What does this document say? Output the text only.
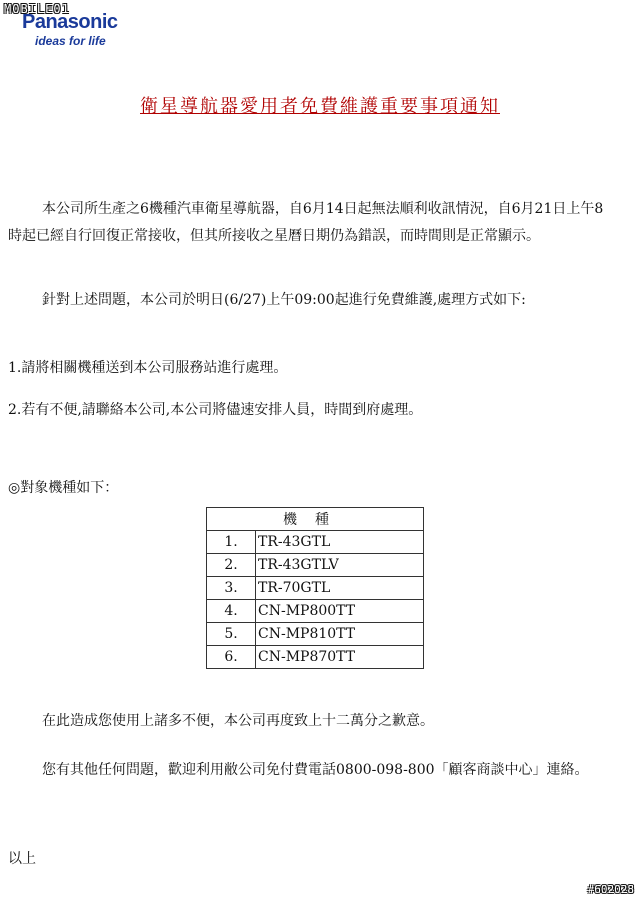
MOBILE01
Panasonic
ideas for life
衛星導航器愛用者免費維護重要事項通知

本公司所生產之6機種汽車衛星導航器，自6月14日起無法順利收訊情況，自6月21日上午8時起已經自行回復正常接收，但其所接收之星曆日期仍為錯誤，而時間則是正常顯示。

針對上述問題，本公司於明日(6/27)上午09:00起進行免費維護,處理方式如下:

1.請將相關機種送到本公司服務站進行處理。

2.若有不便,請聯絡本公司,本公司將儘速安排人員，時間到府處理。

◎對象機種如下：

機種	
1.	TR-43GTL
2.	TR-43GTLV
3.	TR-70GTL
4.	CN-MP800TT
5.	CN-MP810TT
6.	CN-MP870TT

在此造成您使用上諸多不便，本公司再度致上十二萬分之歉意。

您有其他任何問題，歡迎利用敝公司免付費電話0800-098-800「顧客商談中心」連絡。

以上

#602028
